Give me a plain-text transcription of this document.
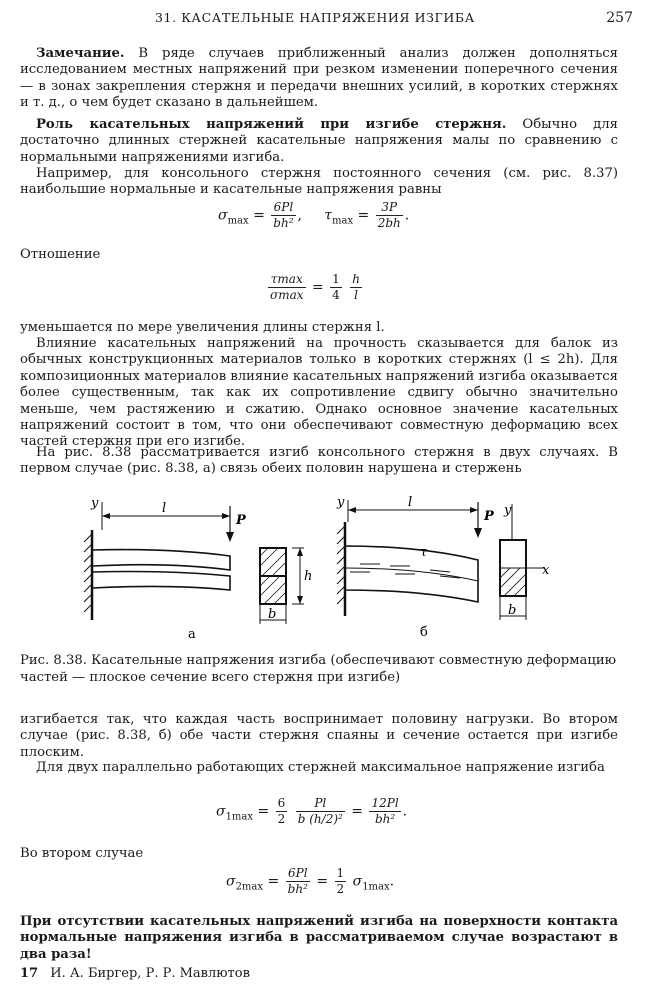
31. КАСАТЕЛЬНЫЕ НАПРЯЖЕНИЯ ИЗГИБА	257

Замечание. В ряде случаев приближенный анализ должен дополняться исследованием местных напряжений при резком изменении поперечного сечения — в зонах закрепления стержня и передачи внешних усилий, в коротких стержнях и т. д., о чем будет сказано в дальнейшем.

Роль касательных напряжений при изгибе стержня. Обычно для достаточно длинных стержней касательные напряжения малы по сравнению с нормальными напряжениями изгиба.

Например, для консольного стержня постоянного сечения (см. рис. 8.37) наибольшие нормальные и касательные напряжения равны

$\sigma_{max} = \frac{6Pl}{\text{bh²}}$ , $\tau_{max} = \frac{3P}{2bh}$ .

Отношение

τmax
$\sigma\max = \frac{1}{4}$
$\frac{h}{l}$

уменьшается по мере увеличения длины стержня l.

Влияние касательных напряжений на прочность сказывается для балок из обычных конструкционных материалов только в коротких стержнях (l ≤ 2h). Для композиционных материалов влияние касательных напряжений изгиба оказывается более существенным, так как их сопротивление сдвигу обычно значительно меньше, чем растяжению и сжатию. Однако основное значение касательных напряжений состоит в том, что они обеспечивают совместную деформацию всех частей стержня при его изгибе.

На рис. 8.38 рассматривается изгиб консольного стержня в двух случаях. В первом случае (рис. 8.38, а) связь обеих половин нарушена и стержень

y	l
P
h
b
а
y	l
τ
P y
x
b
б

Рис. 8.38. Касательные напряжения изгиба (обеспечивают совместную деформацию частей — плоское сечение всего стержня при изгибе)

изгибается так, что каждая часть воспринимает половину нагрузки. Во втором случае (рис. 8.38, б) обе части стержня спаяны и сечение остается при изгибе плоским.

Для двух параллельно работающих стержней максимальное напряжение изгиба

$\sigma_{1max} = \frac{6}{2}$
$\frac{Pl}{\text{b (h/2)²}} = \frac{12Pl}{\text{bh²}}$ .

Во втором случае

$\sigma_{2max} = \frac{6Pl}{\text{bh²}} = \frac{1}{2} \sigma_{1max}$.

При отсутствии касательных напряжений изгиба на поверхности контакта нормальные напряжения изгиба в рассматриваемом случае возрастают в два раза!

17 И. А. Биргер, Р. Р. Мавлютов
